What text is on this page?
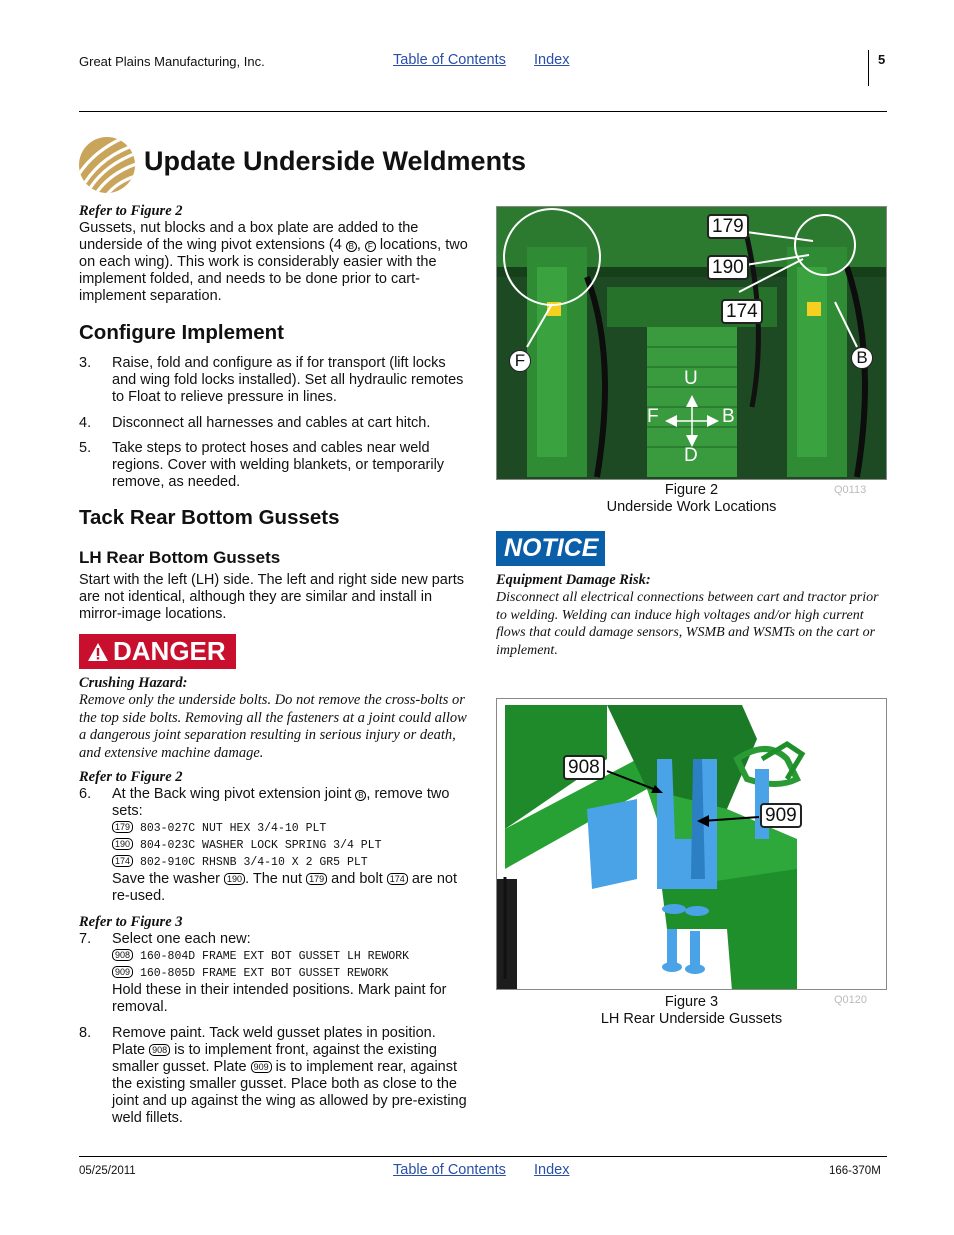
Great Plains Manufacturing, Inc.	Table of Contents Index	5
Update Underside Weldments
Refer to Figure 2
Gussets, nut blocks and a box plate are added to the underside of the wing pivot extensions (4 B , F locations, two on each wing). This work is considerably easier with the implement folded, and needs to be done prior to cart-implement separation.
Configure Implement
3. Raise, fold and configure as if for transport (lift locks and wing fold locks installed). Set all hydraulic remotes to Float to relieve pressure in lines.
4. Disconnect all harnesses and cables at cart hitch.
5. Take steps to protect hoses and cables near weld regions. Cover with welding blankets, or temporarily remove, as needed.
Tack Rear Bottom Gussets
LH Rear Bottom Gussets
Start with the left (LH) side. The left and right side new parts are not identical, although they are similar and install in mirror-image locations.
DANGER
Crushing Hazard:
Remove only the underside bolts. Do not remove the cross-bolts or the top side bolts. Removing all the fasteners at a joint could allow a dangerous joint separation resulting in serious injury or death, and extensive machine damage.
Refer to Figure 2
6. At the Back wing pivot extension joint B , remove two sets:
179 803-027C NUT HEX 3/4-10 PLT
190 804-023C WASHER LOCK SPRING 3/4 PLT
174 802-910C RHSNB 3/4-10 X 2 GR5 PLT
Save the washer 190 . The nut 179 and bolt 174 are not re-used.
Refer to Figure 3
7. Select one each new:
908 160-804D FRAME EXT BOT GUSSET LH REWORK
909 160-805D FRAME EXT BOT GUSSET REWORK
Hold these in their intended positions. Mark paint for removal.
8. Remove paint. Tack weld gusset plates in position. Plate 908 is to implement front, against the existing smaller gusset. Plate 909 is to implement rear, against the existing smaller gusset. Place both as close to the joint and up against the wing as allowed by pre-existing weld fillets.
179
190
174
F	B
U
D
F	B
Figure 2
Underside Work Locations
Q0113
NOTICE
Equipment Damage Risk:
Disconnect all electrical connections between cart and tractor prior to welding. Welding can induce high voltages and/or high current flows that could damage sensors, WSMB and WSMTs on the cart or implement.
908
909
Figure 3
LH Rear Underside Gussets
Q0120
05/25/2011	Table of Contents Index	166-370M
